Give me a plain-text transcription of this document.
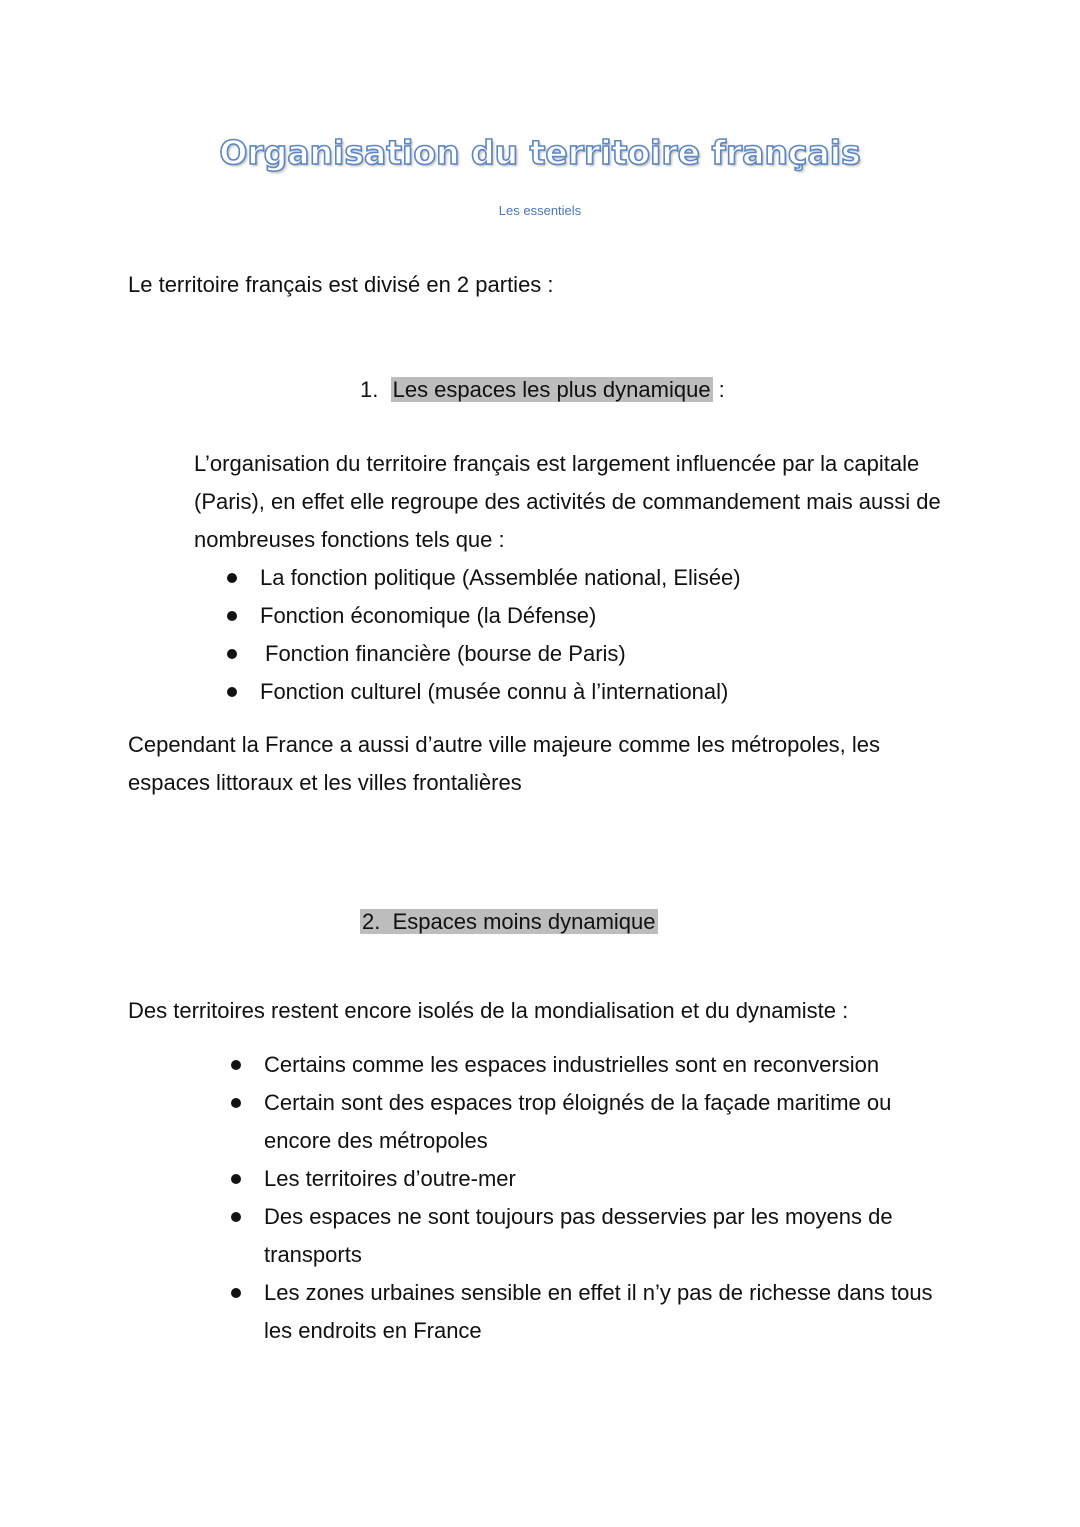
Organisation du territoire français

Les essentiels

Le territoire français est divisé en 2 parties :

1. Les espaces les plus dynamique :

L’organisation du territoire français est largement influencée par la capitale (Paris), en effet elle regroupe des activités de commandement mais aussi de nombreuses fonctions tels que :

La fonction politique (Assemblée national, Elisée)
Fonction économique (la Défense)
Fonction financière (bourse de Paris)
Fonction culturel (musée connu à l’international)

Cependant la France a aussi d’autre ville majeure comme les métropoles, les espaces littoraux et les villes frontalières

2. Espaces moins dynamique

Des territoires restent encore isolés de la mondialisation et du dynamiste :

Certains comme les espaces industrielles sont en reconversion
Certain sont des espaces trop éloignés de la façade maritime ou encore des métropoles
Les territoires d’outre-mer
Des espaces ne sont toujours pas desservies par les moyens de transports
Les zones urbaines sensible en effet il n’y pas de richesse dans tous les endroits en France
